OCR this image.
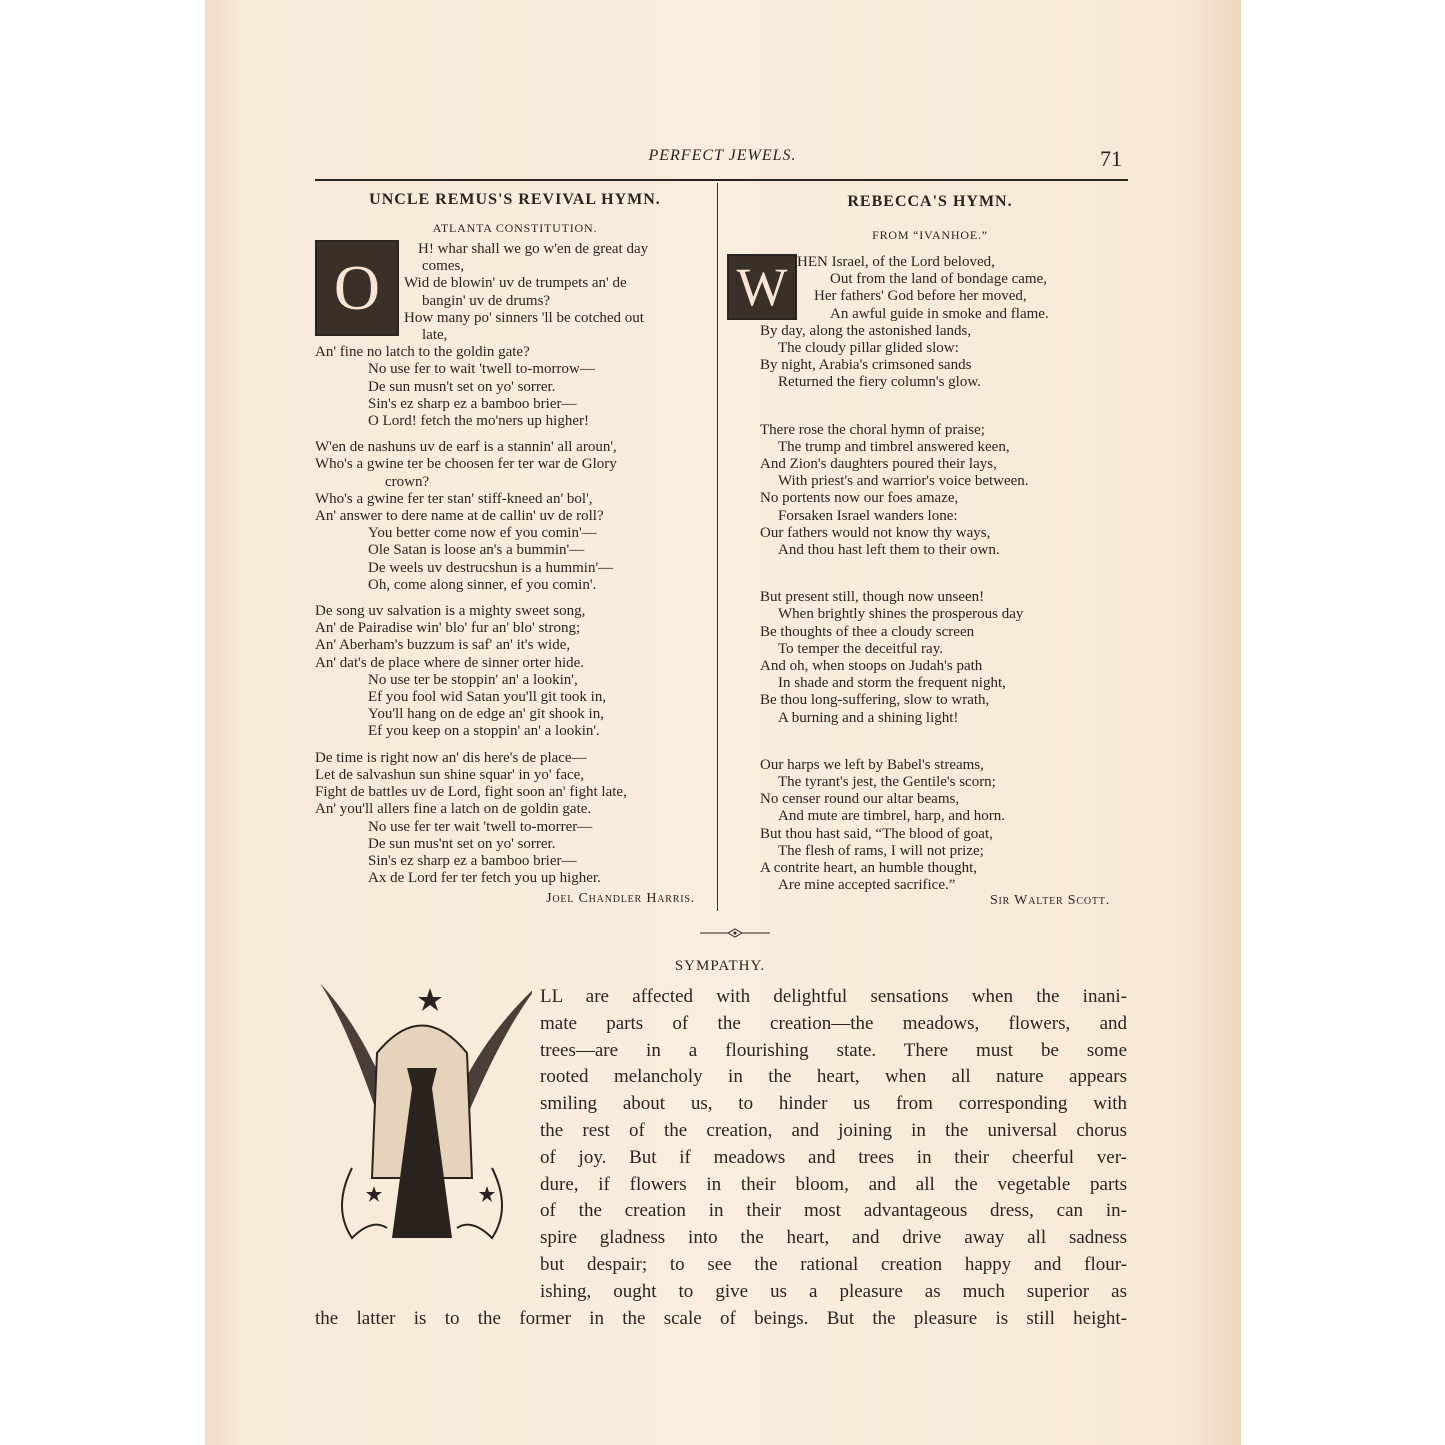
PERFECT JEWELS.	71
UNCLE REMUS'S REVIVAL HYMN.
ATLANTA CONSTITUTION.
O
H! whar shall we go w'en de great day
comes,
Wid de blowin' uv de trumpets an' de
bangin' uv de drums?
How many po' sinners 'll be cotched out
late,
An' fine no latch to the goldin gate?
No use fer to wait 'twell to-morrow—
De sun musn't set on yo' sorrer.
Sin's ez sharp ez a bamboo brier—
O Lord! fetch the mo'ners up higher!
W'en de nashuns uv de earf is a stannin' all aroun',
Who's a gwine ter be choosen fer ter war de Glory
crown?
Who's a gwine fer ter stan' stiff-kneed an' bol',
An' answer to dere name at de callin' uv de roll?
You better come now ef you comin'—
Ole Satan is loose an's a bummin'—
De weels uv destrucshun is a hummin'—
Oh, come along sinner, ef you comin'.
De song uv salvation is a mighty sweet song,
An' de Pairadise win' blo' fur an' blo' strong;
An' Aberham's buzzum is saf' an' it's wide,
An' dat's de place where de sinner orter hide.
No use ter be stoppin' an' a lookin',
Ef you fool wid Satan you'll git took in,
You'll hang on de edge an' git shook in,
Ef you keep on a stoppin' an' a lookin'.
De time is right now an' dis here's de place—
Let de salvashun sun shine squar' in yo' face,
Fight de battles uv de Lord, fight soon an' fight late,
An' you'll allers fine a latch on de goldin gate.
No use fer ter wait 'twell to-morrer—
De sun mus'nt set on yo' sorrer.
Sin's ez sharp ez a bamboo brier—
Ax de Lord fer ter fetch you up higher.
Joel Chandler Harris.
REBECCA'S HYMN.
FROM “IVANHOE.”
W HEN Israel, of the Lord beloved,
Out from the land of bondage came,
Her fathers' God before her moved,
An awful guide in smoke and flame.
By day, along the astonished lands,
The cloudy pillar glided slow:
By night, Arabia's crimsoned sands
Returned the fiery column's glow.
There rose the choral hymn of praise;
The trump and timbrel answered keen,
And Zion's daughters poured their lays,
With priest's and warrior's voice between.
No portents now our foes amaze,
Forsaken Israel wanders lone:
Our fathers would not know thy ways,
And thou hast left them to their own.
But present still, though now unseen!
When brightly shines the prosperous day
Be thoughts of thee a cloudy screen
To temper the deceitful ray.
And oh, when stoops on Judah's path
In shade and storm the frequent night,
Be thou long-suffering, slow to wrath,
A burning and a shining light!
Our harps we left by Babel's streams,
The tyrant's jest, the Gentile's scorn;
No censer round our altar beams,
And mute are timbrel, harp, and horn.
But thou hast said, “The blood of goat,
The flesh of rams, I will not prize;
A contrite heart, an humble thought,
Are mine accepted sacrifice.”
Sir Walter Scott.
SYMPATHY.
LL are affected with delightful sensations when the inani-
mate parts of the creation—the meadows, flowers, and
trees—are in a flourishing state. There must be some
rooted melancholy in the heart, when all nature appears
smiling about us, to hinder us from corresponding with
the rest of the creation, and joining in the universal chorus
of joy. But if meadows and trees in their cheerful ver-
dure, if flowers in their bloom, and all the vegetable parts
of the creation in their most advantageous dress, can in-
spire gladness into the heart, and drive away all sadness
but despair; to see the rational creation happy and flour-
ishing, ought to give us a pleasure as much superior as
the latter is to the former in the scale of beings. But the pleasure is still height-
